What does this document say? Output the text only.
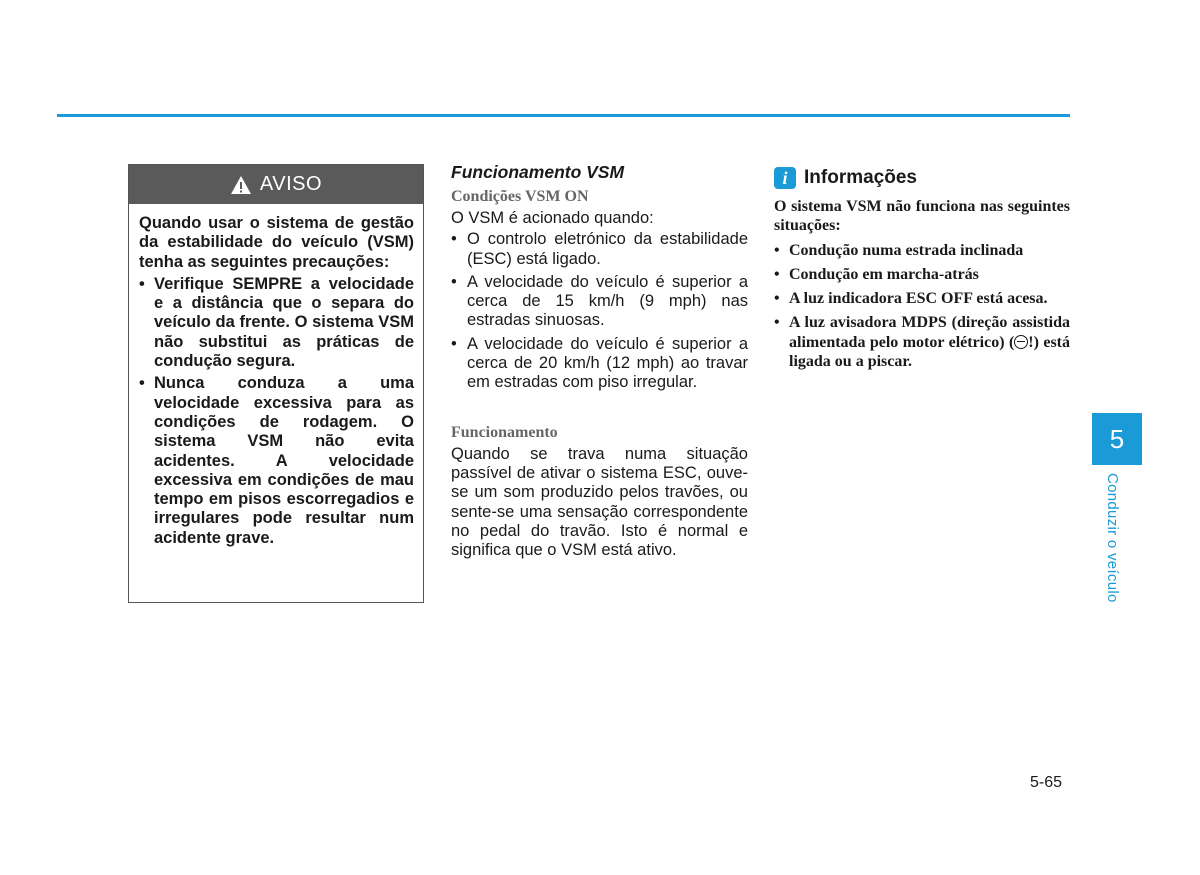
AVISO

Quando usar o sistema de gestão da estabilidade do veículo (VSM) tenha as seguintes precauções:

• Verifique SEMPRE a velocidade e a distância que o separa do veículo da frente. O sistema VSM não substitui as práticas de condução segura.
• Nunca conduza a uma velocidade excessiva para as condições de rodagem. O sistema VSM não evita acidentes. A velocidade excessiva em condições de mau tempo em pisos escorregadios e irregulares pode resultar num acidente grave.
Funcionamento VSM
Condições VSM ON

O VSM é acionado quando:

• O controlo eletrónico da estabilidade (ESC) está ligado.
• A velocidade do veículo é superior a cerca de 15 km/h (9 mph) nas estradas sinuosas.
• A velocidade do veículo é superior a cerca de 20 km/h (12 mph) ao travar em estradas com piso irregular.
Funcionamento

Quando se trava numa situação passível de ativar o sistema ESC, ouve-se um som produzido pelos travões, ou sente-se uma sensação correspondente no pedal do travão. Isto é normal e significa que o VSM está ativo.

i Informações

O sistema VSM não funciona nas seguintes situações:

• Condução numa estrada inclinada
• Condução em marcha-atrás
• A luz indicadora ESC OFF está acesa.
• A luz avisadora MDPS (direção assistida alimentada pelo motor elétrico) ( !) está ligada ou a piscar.
5
Conduzir o veículo
5-65
